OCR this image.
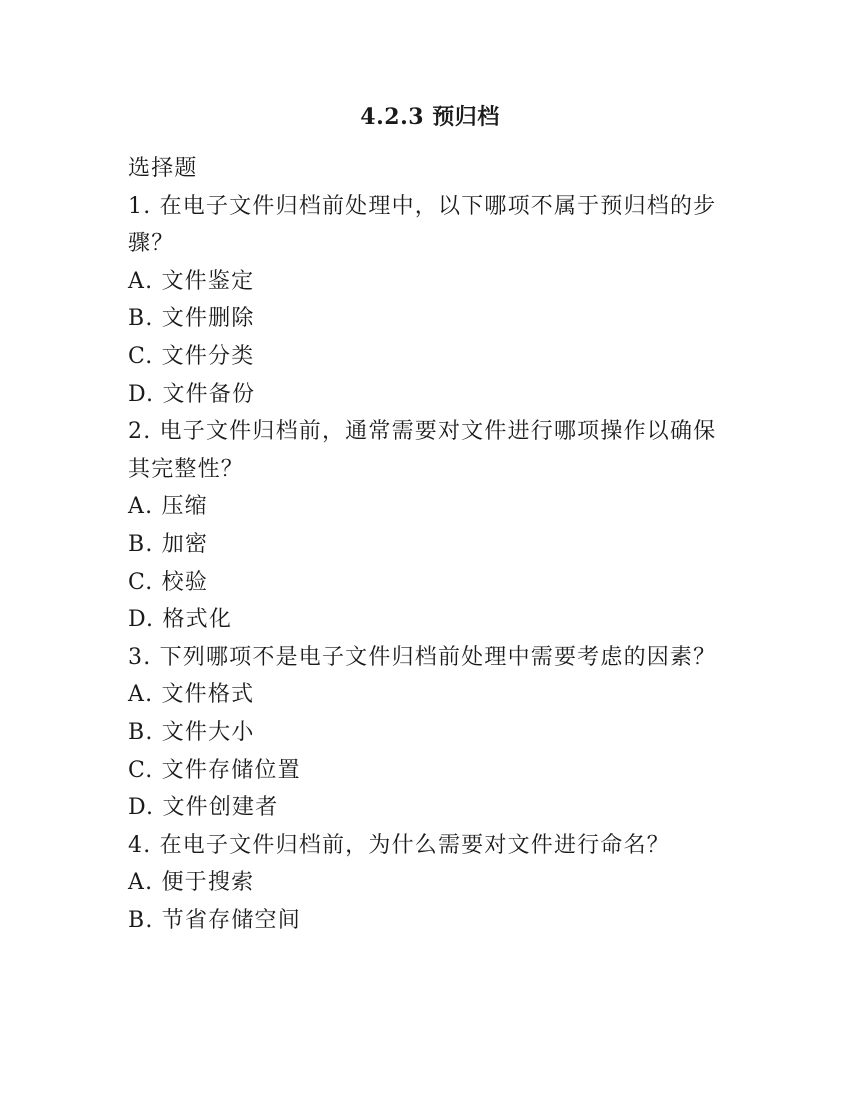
4.2.3 预归档
选择题
1. 在电子文件归档前处理中，以下哪项不属于预归档的步骤？
A. 文件鉴定
B. 文件删除
C. 文件分类
D. 文件备份
2. 电子文件归档前，通常需要对文件进行哪项操作以确保其完整性？
A. 压缩
B. 加密
C. 校验
D. 格式化
3. 下列哪项不是电子文件归档前处理中需要考虑的因素？
A. 文件格式
B. 文件大小
C. 文件存储位置
D. 文件创建者
4. 在电子文件归档前，为什么需要对文件进行命名？
A. 便于搜索
B. 节省存储空间
